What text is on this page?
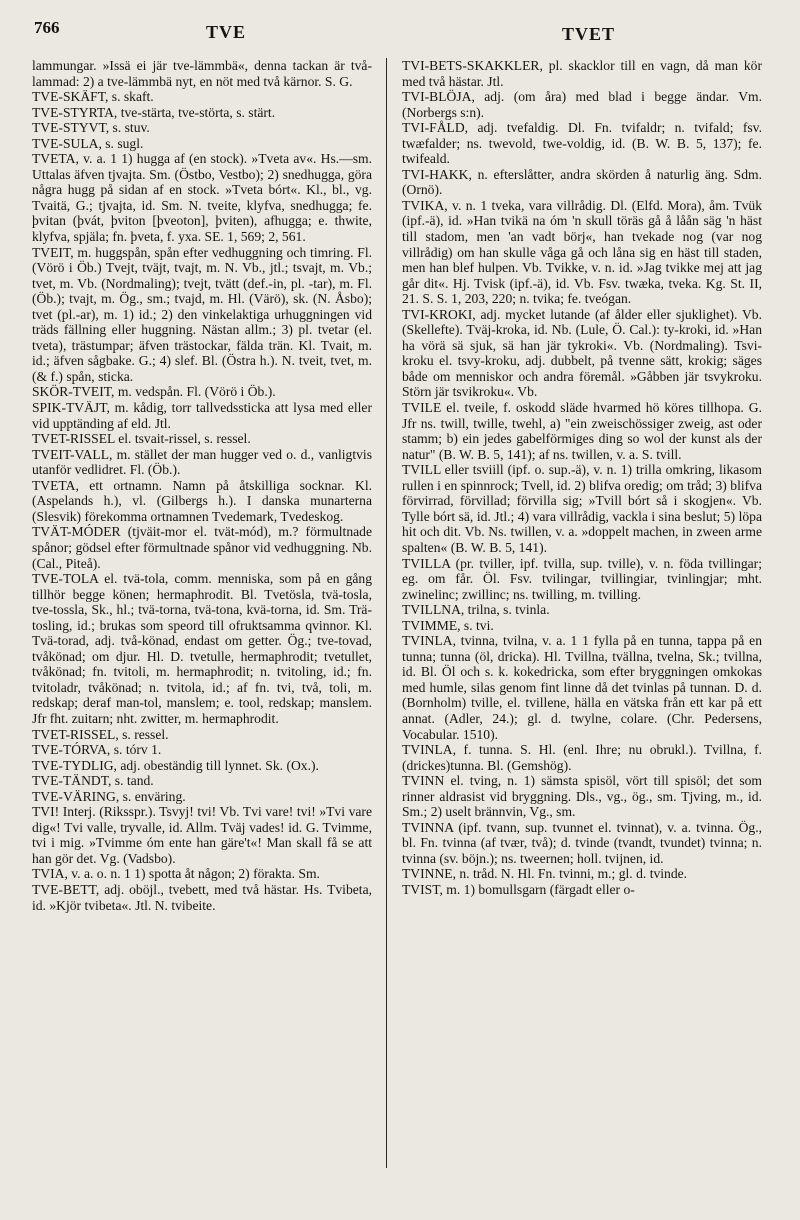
766	TVE	TVET

lammungar. »Issä ei jär tve-lämmbä«, denna tackan är två-lammad: 2) a tve-lämmbä nyt, en nöt med två kärnor. S. G.

TVE-SKÄFT, s. skaft.

TVE-STYRTA, tve-stärta, tve-störta, s. stärt.

TVE-STYVT, s. stuv.

TVE-SULA, s. sugl.

TVETA, v. a. 1 1) hugga af (en stock). »Tveta av«. Hs.—sm. Uttalas äfven tjvajta. Sm. (Östbo, Vestbo); 2) snedhugga, göra några hugg på sidan af en stock. »Tveta bórt«. Kl., bl., vg. Tvaitä, G.; tjvajta, id. Sm. N. tveite, klyfva, snedhugga; fe. þvitan (þvát, þviton [þveoton], þviten), afhugga; e. thwite, klyfva, spjäla; fn. þveta, f. yxa. SE. 1, 569; 2, 561.

TVEIT, m. huggspån, spån efter vedhuggning och timring. Fl. (Vörö i Öb.) Tvejt, tväjt, tvajt, m. N. Vb., jtl.; tsvajt, m. Vb.; tvet, m. Vb. (Nordmaling); tvejt, tvätt (def.-in, pl. -tar), m. Fl. (Öb.); tvajt, m. Ög., sm.; tvajd, m. Hl. (Värö), sk. (N. Åsbo); tvet (pl.-ar), m. 1) id.; 2) den vinkelaktiga urhuggningen vid träds fällning eller huggning. Nästan allm.; 3) pl. tvetar (el. tveta), trästumpar; äfven trästockar, fälda trän. Kl. Tvait, m. id.; äfven sågbake. G.; 4) slef. Bl. (Östra h.). N. tveit, tvet, m. (& f.) spån, sticka.

SKÖR-TVEIT, m. vedspån. Fl. (Vörö i Öb.).

SPIK-TVÄJT, m. kådig, torr tallvedssticka att lysa med eller vid upptänding af eld. Jtl.

TVET-RISSEL el. tsvait-rissel, s. ressel.

TVEIT-VALL, m. stället der man hugger ved o. d., vanligtvis utanför vedlidret. Fl. (Öb.).

TVETA, ett ortnamn. Namn på åtskilliga socknar. Kl. (Aspelands h.), vl. (Gilbergs h.). I danska munarterna (Slesvik) förekomma ortnamnen Tvedemark, Tvedeskog.

TVÄT-MÓDER (tjväit-mor el. tvät-mód), m.? förmultnade spånor; gödsel efter förmultnade spånor vid vedhuggning. Nb. (Cal., Piteå).

TVE-TOLA el. tvä-tola, comm. menniska, som på en gång tillhör begge könen; hermaphrodit. Bl. Tvetösla, tvä-tosla, tve-tossla, Sk., hl.; tvä-torna, tvä-tona, kvä-torna, id. Sm. Trä-tosling, id.; brukas som speord till ofruktsamma qvinnor. Kl. Tvä-torad, adj. två-könad, endast om getter. Ög.; tve-tovad, tvåkönad; om djur. Hl. D. tvetulle, hermaphrodit; tvetullet, tvåkönad; fn. tvitoli, m. hermaphrodit; n. tvitoling, id.; fn. tvitoladr, tvåkönad; n. tvitola, id.; af fn. tvi, två, toli, m. redskap; deraf man-tol, manslem; e. tool, redskap; manslem. Jfr fht. zuitarn; nht. zwitter, m. hermaphrodit.

TVET-RISSEL, s. ressel.

TVE-TÓRVA, s. tórv 1.

TVE-TYDLIG, adj. obeständig till lynnet. Sk. (Ox.).

TVE-TÄNDT, s. tand.

TVE-VÄRING, s. enväring.

TVI! Interj. (Riksspr.). Tsvyj! tvi! Vb. Tvi vare! tvi! »Tvi vare dig«! Tvi valle, tryvalle, id. Allm. Tväj vades! id. G. Tvimme, tvi i mig. »Tvimme óm ente han gäre't«! Man skall få se att han gör det. Vg. (Vadsbo).

TVIA, v. a. o. n. 1 1) spotta åt någon; 2) förakta. Sm.

TVE-BETT, adj. oböjl., tvebett, med två hästar. Hs. Tvibeta, id. »Kjör tvibeta«. Jtl. N. tvibeite.

TVI-BETS-SKAKKLER, pl. skacklor till en vagn, då man kör med två hästar. Jtl.

TVI-BLÖJA, adj. (om åra) med blad i begge ändar. Vm. (Norbergs s:n).

TVI-FÅLD, adj. tvefaldig. Dl. Fn. tvifaldr; n. tvifald; fsv. twæfalder; ns. twevold, twe-voldig, id. (B. W. B. 5, 137); fe. twifeald.

TVI-HAKK, n. efterslåtter, andra skörden å naturlig äng. Sdm. (Ornö).

TVIKA, v. n. 1 tveka, vara villrådig. Dl. (Elfd. Mora), åm. Tvük (ipf.-ä), id. »Han tvikä na óm 'n skull töräs gå å låån säg 'n häst till stadom, men 'an vadt börj«, han tvekade nog (var nog villrådig) om han skulle våga gå och låna sig en häst till staden, men han blef hulpen. Vb. Tvikke, v. n. id. »Jag tvikke mej att jag går dit«. Hj. Tvisk (ipf.-ä), id. Vb. Fsv. twæka, tveka. Kg. St. II, 21. S. S. 1, 203, 220; n. tvika; fe. tveógan.

TVI-KROKI, adj. mycket lutande (af ålder eller sjuklighet). Vb. (Skellefte). Tväj-kroka, id. Nb. (Lule, Ö. Cal.): ty-kroki, id. »Han ha vörä sä sjuk, sä han jär tykroki«. Vb. (Nordmaling). Tsvi-kroku el. tsvy-kroku, adj. dubbelt, på tvenne sätt, krokig; säges både om menniskor och andra föremål. »Gåbben jär tsvykroku. Störn jär tsvikroku«. Vb.

TVILE el. tveile, f. oskodd släde hvarmed hö köres tillhopa. G. Jfr ns. twill, twille, twehl, a) "ein zweischössiger zweig, ast oder stamm; b) ein jedes gabelförmiges ding so wol der kunst als der natur" (B. W. B. 5, 141); af ns. twillen, v. a. S. tvill.

TVILL eller tsviill (ipf. o. sup.-ä), v. n. 1) trilla omkring, likasom rullen i en spinnrock; Tvell, id. 2) blifva oredig; om tråd; 3) blifva förvirrad, förvillad; förvilla sig; »Tvill bórt så i skogjen«. Vb. Tylle bórt sä, id. Jtl.; 4) vara villrådig, vackla i sina beslut; 5) löpa hit och dit. Vb. Ns. twillen, v. a. »doppelt machen, in zween arme spalten« (B. W. B. 5, 141).

TVILLA (pr. tviller, ipf. tvilla, sup. tville), v. n. föda tvillingar; eg. om får. Öl. Fsv. tvilingar, tvillingiar, tvinlingjar; mht. zwinelinc; zwillinc; ns. twilling, m. tvilling.

TVILLNA, trilna, s. tvinla.

TVIMME, s. tvi.

TVINLA, tvinna, tvilna, v. a. 1 1 fylla på en tunna, tappa på en tunna; tunna (öl, dricka). Hl. Tvillna, tvällna, tvelna, Sk.; tvillna, id. Bl. Öl och s. k. kokedricka, som efter bryggningen omkokas med humle, silas genom fint linne då det tvinlas på tunnan. D. d. (Bornholm) tville, el. tvillene, hälla en vätska från ett kar på ett annat. (Adler, 24.); gl. d. twylne, colare. (Chr. Pedersens, Vocabular. 1510).

TVINLA, f. tunna. S. Hl. (enl. Ihre; nu obrukl.). Tvillna, f. (drickes)tunna. Bl. (Gemshög).

TVINN el. tving, n. 1) sämsta spisöl, vört till spisöl; det som rinner aldrasist vid bryggning. Dls., vg., ög., sm. Tjving, m., id. Sm.; 2) uselt brännvin, Vg., sm.

TVINNA (ipf. tvann, sup. tvunnet el. tvinnat), v. a. tvinna. Ög., bl. Fn. tvinna (af tvær, två); d. tvinde (tvandt, tvundet) tvinna; n. tvinna (sv. böjn.); ns. tweernen; holl. tvijnen, id.

TVINNE, n. tråd. N. Hl. Fn. tvinni, m.; gl. d. tvinde.

TVIST, m. 1) bomullsgarn (färgadt eller o-
